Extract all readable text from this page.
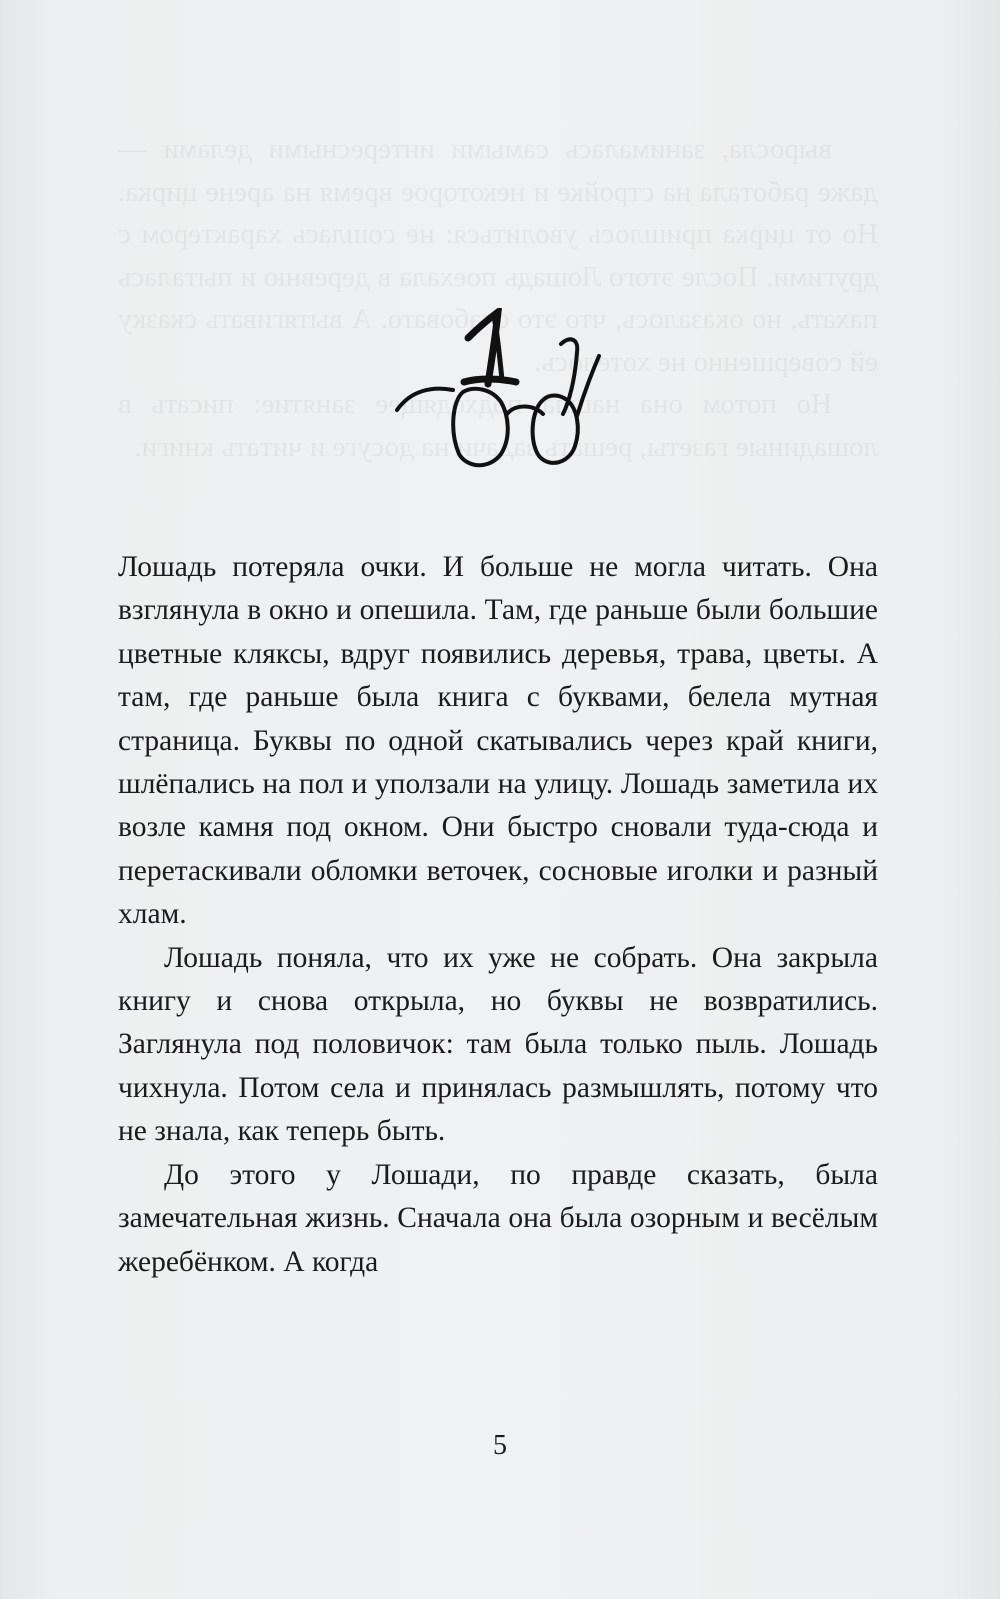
Лошадь потеряла очки. И больше не могла читать. Она взглянула в окно и опешила. Там, где раньше были большие цветные кляксы, вдруг появились деревья, трава, цветы. А там, где раньше была книга с буквами, белела мутная страница. Буквы по одной скатывались через край книги, шлёпались на пол и уползали на улицу. Лошадь заметила их возле камня под окном. Они быстро сновали туда-сюда и перетаскивали обломки веточек, сосновые иголки и разный хлам.

Лошадь поняла, что их уже не собрать. Она закрыла книгу и снова открыла, но буквы не возвратились. Заглянула под половичок: там была только пыль. Лошадь чихнула. Потом села и принялась размышлять, потому что не знала, как теперь быть.

До этого у Лошади, по правде сказать, была замечательная жизнь. Сначала она была озорным и весёлым жеребёнком. А когда

5
